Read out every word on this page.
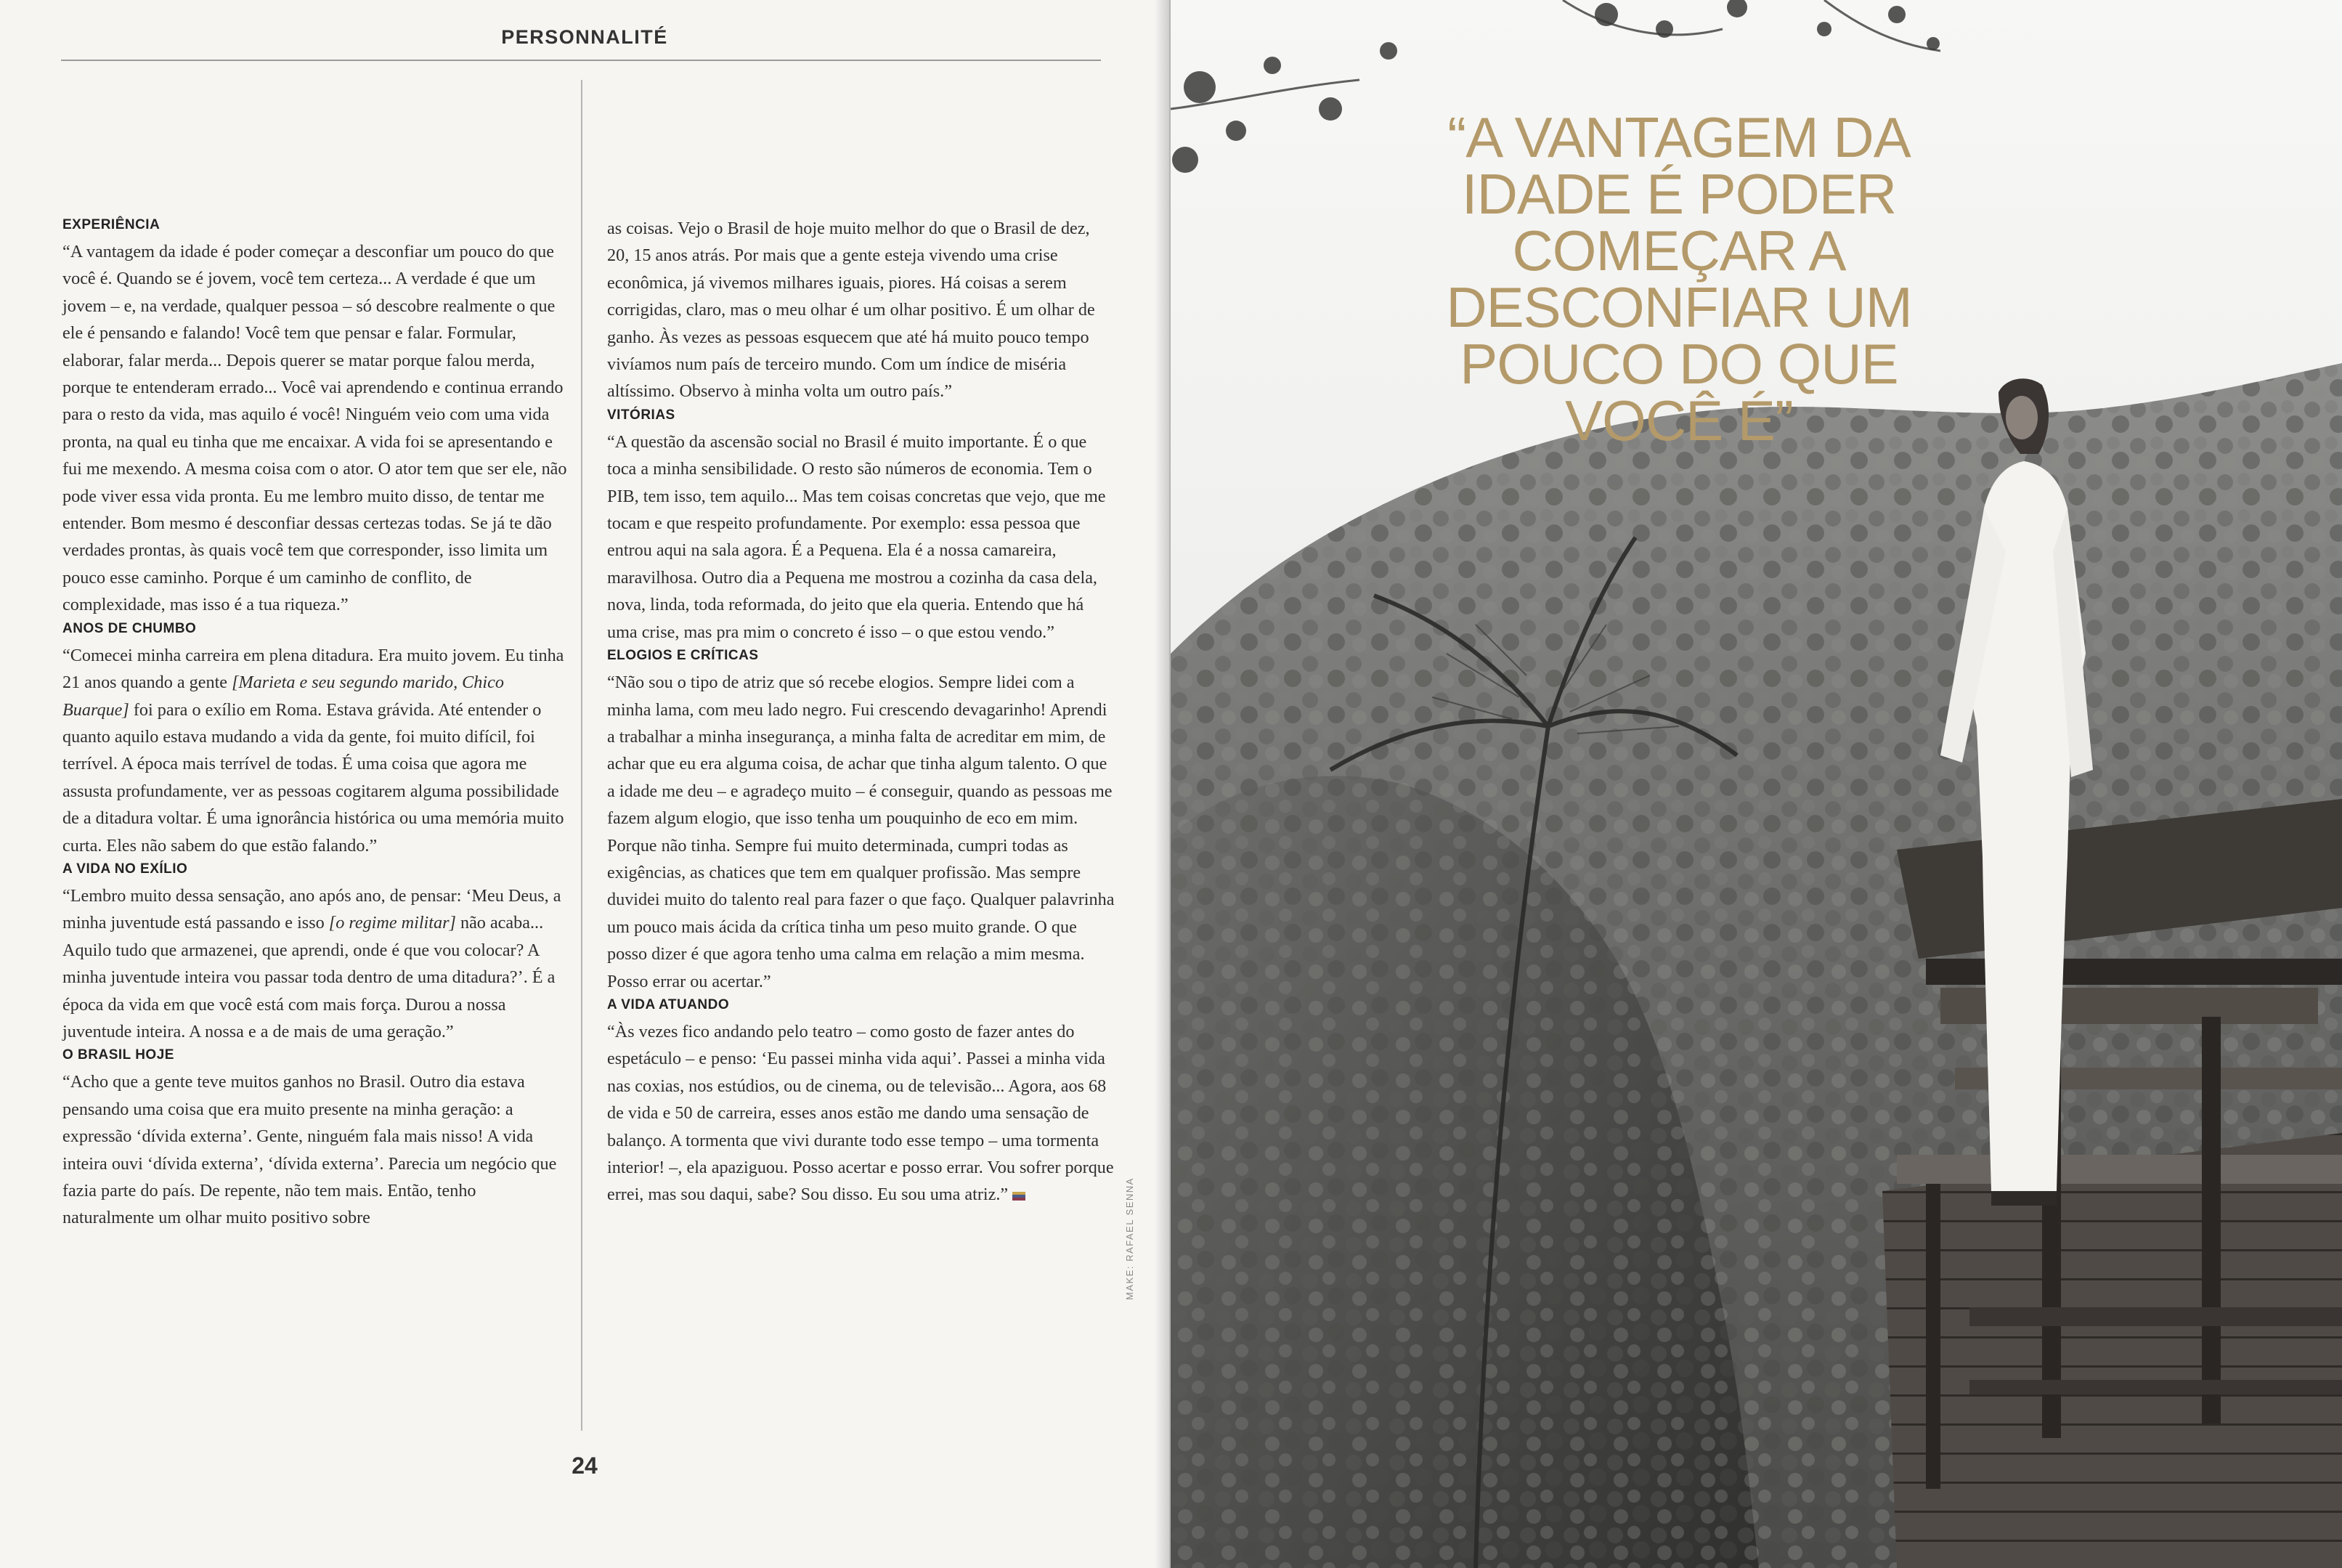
PERSONNALITÉ
EXPERIÊNCIA

“A vantagem da idade é poder começar a desconfiar um pouco do que você é. Quando se é jovem, você tem certeza... A verdade é que um jovem – e, na verdade, qualquer pessoa – só descobre realmente o que ele é pensando e falando! Você tem que pensar e falar. Formular, elaborar, falar merda... Depois querer se matar porque falou merda, porque te entenderam errado... Você vai aprendendo e continua errando para o resto da vida, mas aquilo é você! Ninguém veio com uma vida pronta, na qual eu tinha que me encaixar. A vida foi se apresentando e fui me mexendo. A mesma coisa com o ator. O ator tem que ser ele, não pode viver essa vida pronta. Eu me lembro muito disso, de tentar me entender. Bom mesmo é desconfiar dessas certezas todas. Se já te dão verdades prontas, às quais você tem que corresponder, isso limita um pouco esse caminho. Porque é um caminho de conflito, de complexidade, mas isso é a tua riqueza.”

ANOS DE CHUMBO

“Comecei minha carreira em plena ditadura. Era muito jovem. Eu tinha 21 anos quando a gente [Marieta e seu segundo marido, Chico Buarque] foi para o exílio em Roma. Estava grávida. Até entender o quanto aquilo estava mudando a vida da gente, foi muito difícil, foi terrível. A época mais terrível de todas. É uma coisa que agora me assusta profundamente, ver as pessoas cogitarem alguma possibilidade de a ditadura voltar. É uma ignorância histórica ou uma memória muito curta. Eles não sabem do que estão falando.”

A VIDA NO EXÍLIO

“Lembro muito dessa sensação, ano após ano, de pensar: ‘Meu Deus, a minha juventude está passando e isso [o regime militar] não acaba... Aquilo tudo que armazenei, que aprendi, onde é que vou colocar? A minha juventude inteira vou passar toda dentro de uma ditadura?’. É a época da vida em que você está com mais força. Durou a nossa juventude inteira. A nossa e a de mais de uma geração.”

O BRASIL HOJE

“Acho que a gente teve muitos ganhos no Brasil. Outro dia estava pensando uma coisa que era muito presente na minha geração: a expressão ‘dívida externa’. Gente, ninguém fala mais nisso! A vida inteira ouvi ‘dívida externa’, ‘dívida externa’. Parecia um negócio que fazia parte do país. De repente, não tem mais. Então, tenho naturalmente um olhar muito positivo sobre

as coisas. Vejo o Brasil de hoje muito melhor do que o Brasil de dez, 20, 15 anos atrás. Por mais que a gente esteja vivendo uma crise econômica, já vivemos milhares iguais, piores. Há coisas a serem corrigidas, claro, mas o meu olhar é um olhar positivo. É um olhar de ganho. Às vezes as pessoas esquecem que até há muito pouco tempo vivíamos num país de terceiro mundo. Com um índice de miséria altíssimo. Observo à minha volta um outro país.”

VITÓRIAS

“A questão da ascensão social no Brasil é muito importante. É o que toca a minha sensibilidade. O resto são números de economia. Tem o PIB, tem isso, tem aquilo... Mas tem coisas concretas que vejo, que me tocam e que respeito profundamente. Por exemplo: essa pessoa que entrou aqui na sala agora. É a Pequena. Ela é a nossa camareira, maravilhosa. Outro dia a Pequena me mostrou a cozinha da casa dela, nova, linda, toda reformada, do jeito que ela queria. Entendo que há uma crise, mas pra mim o concreto é isso – o que estou vendo.”

ELOGIOS E CRÍTICAS

“Não sou o tipo de atriz que só recebe elogios. Sempre lidei com a minha lama, com meu lado negro. Fui crescendo devagarinho! Aprendi a trabalhar a minha insegurança, a minha falta de acreditar em mim, de achar que eu era alguma coisa, de achar que tinha algum talento. O que a idade me deu – e agradeço muito – é conseguir, quando as pessoas me fazem algum elogio, que isso tenha um pouquinho de eco em mim. Porque não tinha. Sempre fui muito determinada, cumpri todas as exigências, as chatices que tem em qualquer profissão. Mas sempre duvidei muito do talento real para fazer o que faço. Qualquer palavrinha um pouco mais ácida da crítica tinha um peso muito grande. O que posso dizer é que agora tenho uma calma em relação a mim mesma. Posso errar ou acertar.”

A VIDA ATUANDO

“Às vezes fico andando pelo teatro – como gosto de fazer antes do espetáculo – e penso: ‘Eu passei minha vida aqui’. Passei a minha vida nas coxias, nos estúdios, ou de cinema, ou de televisão... Agora, aos 68 de vida e 50 de carreira, esses anos estão me dando uma sensação de balanço. A tormenta que vivi durante todo esse tempo – uma tormenta interior! –, ela apaziguou. Posso acertar e posso errar. Vou sofrer porque errei, mas sou daqui, sabe? Sou disso. Eu sou uma atriz.”

24
MAKE: RAFAEL SENNA
“A VANTAGEM DA
IDADE É PODER
COMEÇAR A
DESCONFIAR UM
POUCO DO QUE
VOCÊ É”
